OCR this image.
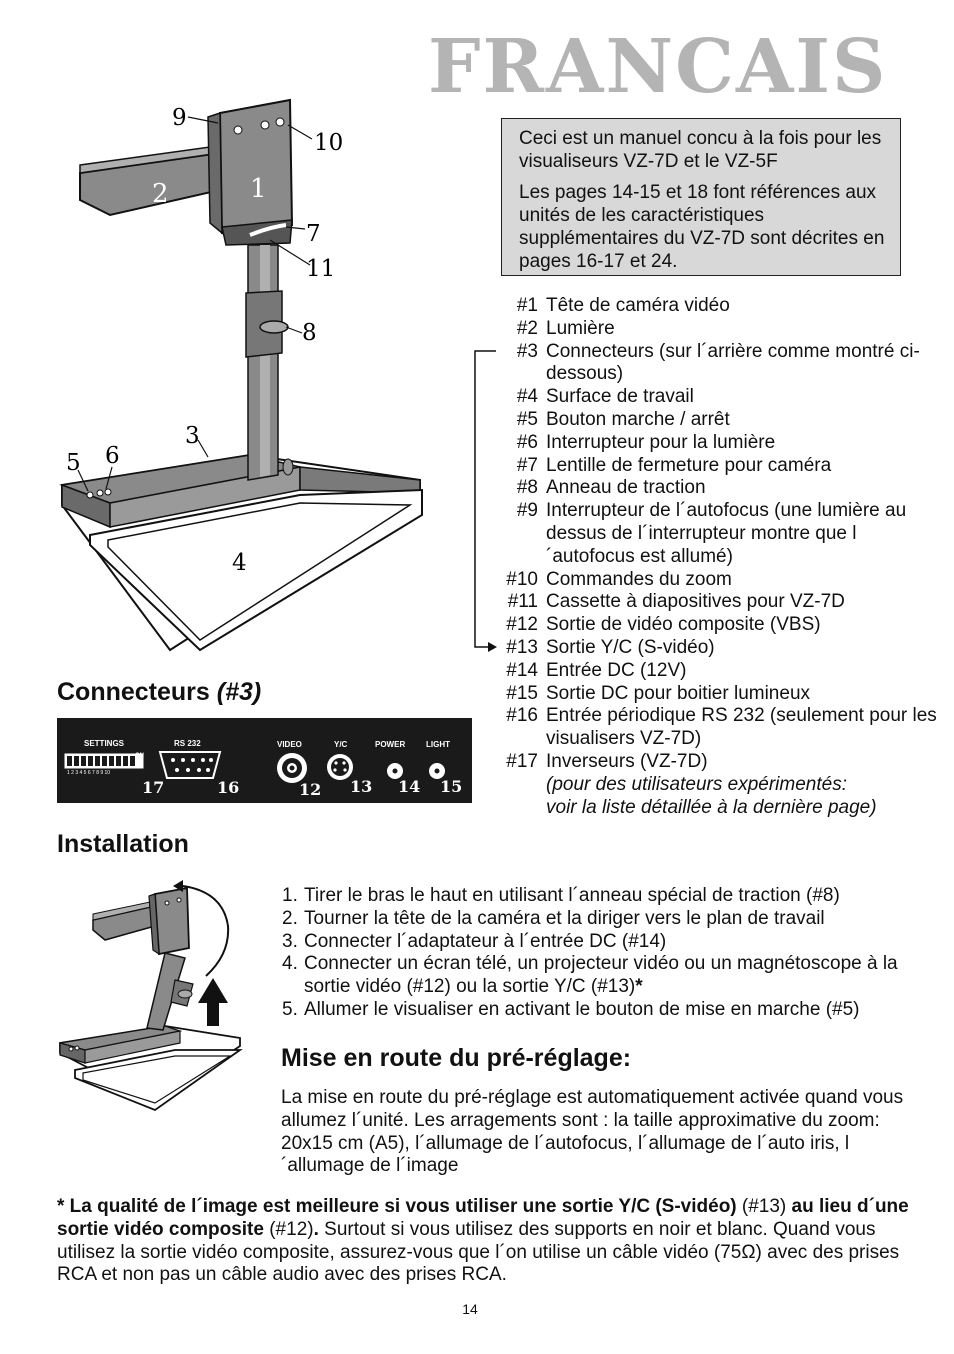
FRANCAIS

Ceci est un manuel concu à la fois pour les visualiseurs VZ-7D et le VZ-5F

Les pages 14-15 et 18 font références aux unités de les caractéristiques supplémentaires du VZ-7D sont décrites en pages 16-17 et 24.

9
10
2	1
7
11
8
3
6
5
4
#1 Tête de caméra vidéo
#2 Lumière
#3 Connecteurs (sur l´arrière comme montré ci-dessous)
#4 Surface de travail
#5 Bouton marche / arrêt
#6 Interrupteur pour la lumière
#7 Lentille de fermeture pour caméra
#8 Anneau de traction
#9 Interrupteur de l´autofocus (une lumière au dessus de l´interrupteur montre que l´autofocus est allumé)
#10 Commandes du zoom
#11 Cassette à diapositives pour VZ-7D
#12 Sortie de vidéo composite (VBS)
#13 Sortie Y/C (S-vidéo)
#14 Entrée DC (12V)
#15 Sortie DC pour boitier lumineux
#16 Entrée périodique RS 232 (seulement pour les visualisers VZ-7D)
#17 Inverseurs (VZ-7D)
(pour des utilisateurs expérimentés:
voir la liste détaillée à la dernière page)
Connecteurs (#3)
SETTINGS	RS 232	VIDEO	Y/C	POWER	LIGHT
ON
1 2 3 4 5 6 7 8 9 10
17	16	12 13 14 15
Installation
1 . Tirer le bras le haut en utilisant l´anneau spécial de traction (#8)
2 . Tourner la tête de la caméra et la diriger vers le plan de travail
3 . Connecter l´adaptateur à l´entrée DC (#14)
4 . Connecter un écran télé, un projecteur vidéo ou un magnétoscope à la sortie vidéo (#12) ou la sortie Y/C (#13)*
5 . Allumer le visualiser en activant le bouton de mise en marche (#5)
Mise en route du pré-réglage:
La mise en route du pré-réglage est automatiquement activée quand vous allumez l´unité. Les arragements sont : la taille approximative du zoom: 20x15 cm (A5), l´allumage de l´autofocus, l´allumage de l´auto iris, l´allumage de l´image
* La qualité de l´image est meilleure si vous utiliser une sortie Y/C (S-vidéo) (#13) au lieu d´une sortie vidéo composite (#12). Surtout si vous utilisez des supports en noir et blanc. Quand vous utilisez la sortie vidéo composite, assurez-vous que l´on utilise un câble vidéo (75Ω) avec des prises RCA et non pas un câble audio avec des prises RCA.
14
